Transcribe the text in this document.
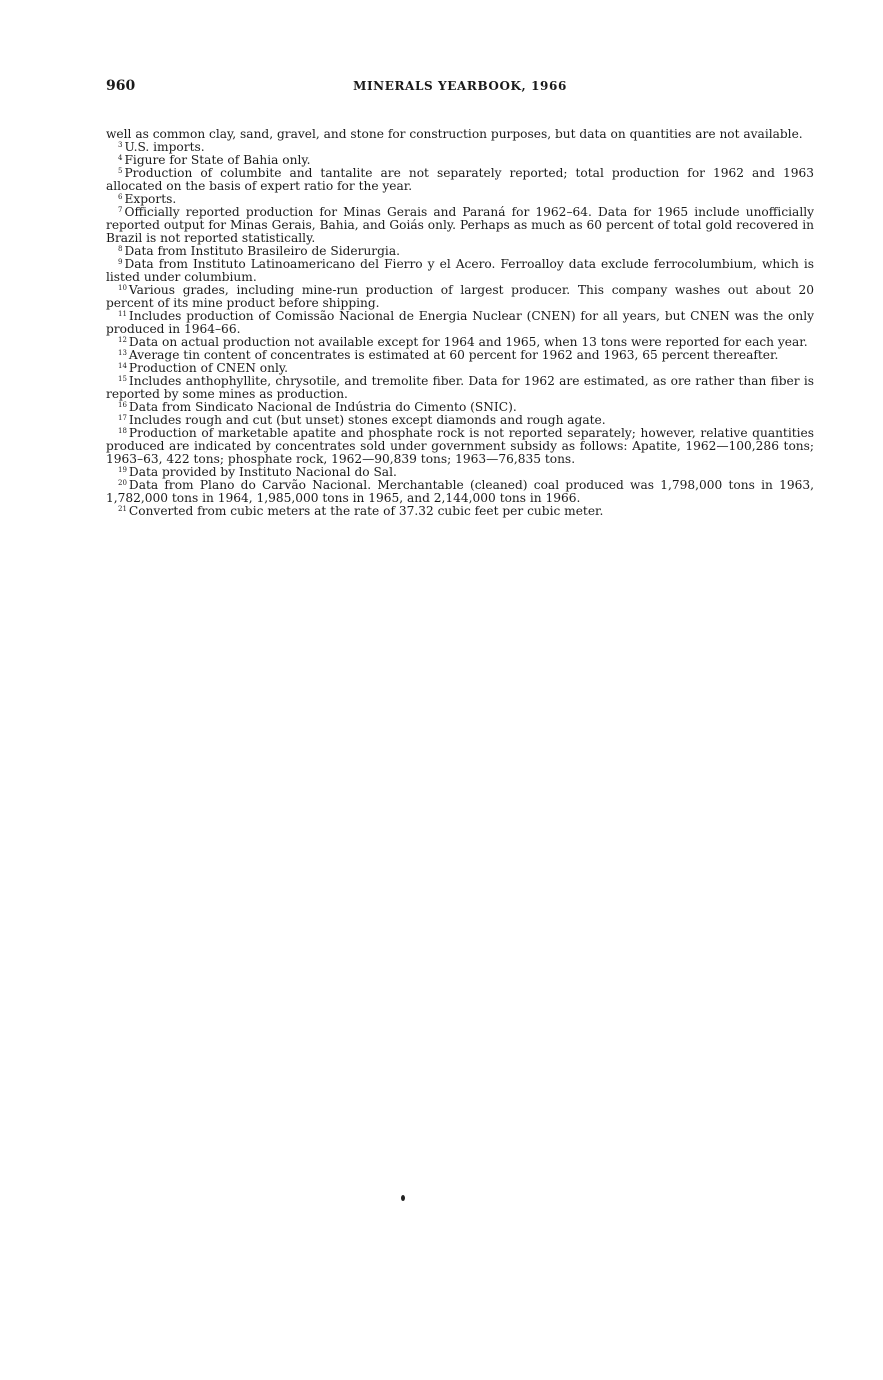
960	MINERALS YEARBOOK, 1966

well as common clay, sand, gravel, and stone for construction purposes, but data on quantities are not available.

$^3$ U.S. imports.

$^4$ Figure for State of Bahia only.

$^5$ Production of columbite and tantalite are not separately reported; total production for 1962 and 1963 allocated on the basis of expert ratio for the year.

$^6$ Exports.

$^7$ Officially reported production for Minas Gerais and Paraná for 1962–64. Data for 1965 include unofficially reported output for Minas Gerais, Bahia, and Goiás only. Perhaps as much as 60 percent of total gold recovered in Brazil is not reported statistically.

$^8$ Data from Instituto Brasileiro de Siderurgia.

$^9$ Data from Instituto Latinoamericano del Fierro y el Acero. Ferroalloy data exclude ferrocolumbium, which is listed under columbium.

$^{10}$ Various grades, including mine-run production of largest producer. This company washes out about 20 percent of its mine product before shipping.

$^{11}$ Includes production of Comissão Nacional de Energia Nuclear (CNEN) for all years, but CNEN was the only produced in 1964–66.

$^{12}$ Data on actual production not available except for 1964 and 1965, when 13 tons were reported for each year.

$^{13}$ Average tin content of concentrates is estimated at 60 percent for 1962 and 1963, 65 percent thereafter.

$^{14}$ Production of CNEN only.

$^{15}$ Includes anthophyllite, chrysotile, and tremolite fiber. Data for 1962 are estimated, as ore rather than fiber is reported by some mines as production.

$^{16}$ Data from Sindicato Nacional de Indústria do Cimento (SNIC).

$^{17}$ Includes rough and cut (but unset) stones except diamonds and rough agate.

$^{18}$ Production of marketable apatite and phosphate rock is not reported separately; however, relative quantities produced are indicated by concentrates sold under government subsidy as follows: Apatite, 1962—100,286 tons; 1963–63, 422 tons; phosphate rock, 1962—90,839 tons; 1963—76,835 tons.

$^{19}$ Data provided by Instituto Nacional do Sal.

$^{20}$ Data from Plano do Carvão Nacional. Merchantable (cleaned) coal produced was 1,798,000 tons in 1963, 1,782,000 tons in 1964, 1,985,000 tons in 1965, and 2,144,000 tons in 1966.

$^{21}$ Converted from cubic meters at the rate of 37.32 cubic feet per cubic meter.
